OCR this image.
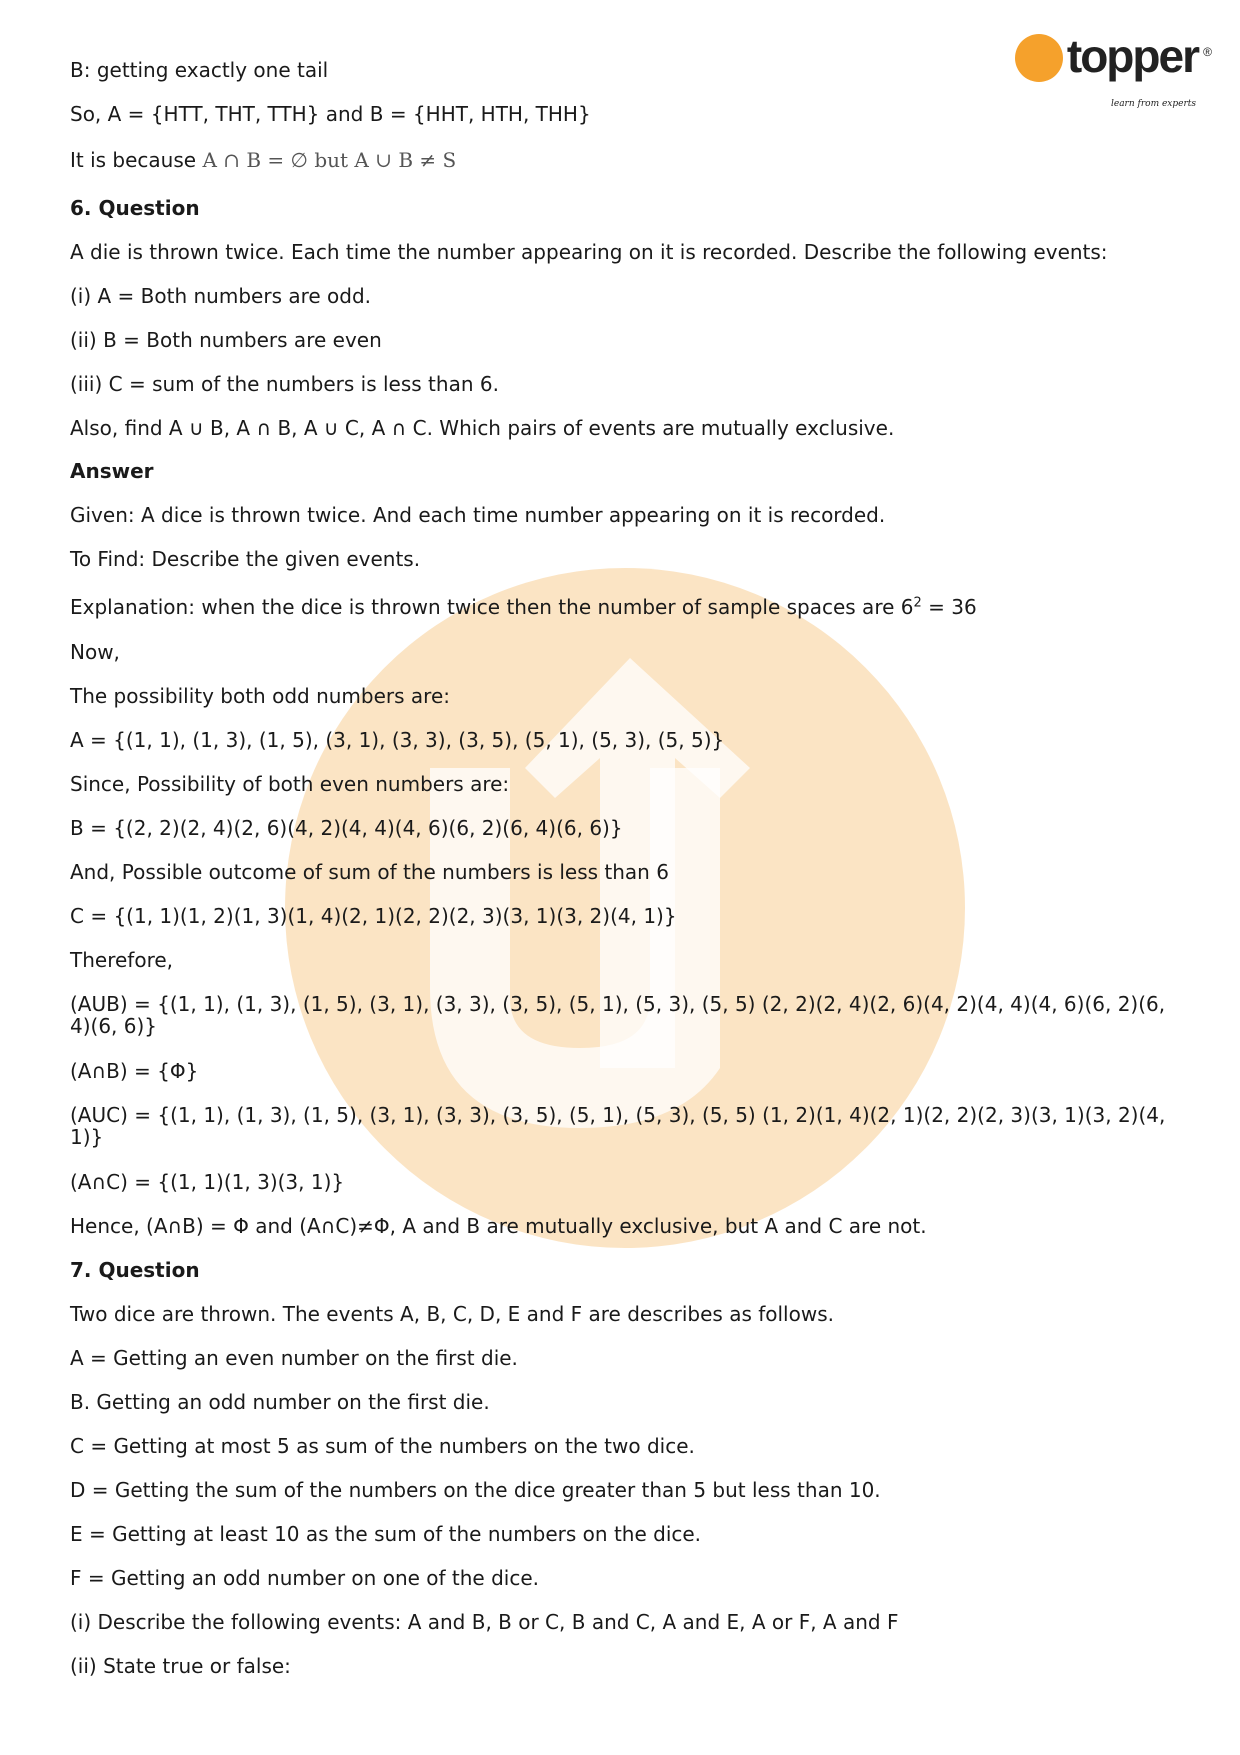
topper ®
learn from experts
B: getting exactly one tail
So, A = {HTT, THT, TTH} and B = {HHT, HTH, THH}
It is because A ∩ B = ∅ but A ∪ B ≠ S
6. Question
A die is thrown twice. Each time the number appearing on it is recorded. Describe the following events:
(i) A = Both numbers are odd.
(ii) B = Both numbers are even
(iii) C = sum of the numbers is less than 6.
Also, find A ∪ B, A ∩ B, A ∪ C, A ∩ C. Which pairs of events are mutually exclusive.
Answer
Given: A dice is thrown twice. And each time number appearing on it is recorded.
To Find: Describe the given events.
Explanation: when the dice is thrown twice then the number of sample spaces are $6^2 = 36$
Now,
The possibility both odd numbers are:
A = {(1, 1), (1, 3), (1, 5), (3, 1), (3, 3), (3, 5), (5, 1), (5, 3), (5, 5)}
Since, Possibility of both even numbers are:
B = {(2, 2)(2, 4)(2, 6)(4, 2)(4, 4)(4, 6)(6, 2)(6, 4)(6, 6)}
And, Possible outcome of sum of the numbers is less than 6
C = {(1, 1)(1, 2)(1, 3)(1, 4)(2, 1)(2, 2)(2, 3)(3, 1)(3, 2)(4, 1)}
Therefore,
(AUB) = {(1, 1), (1, 3), (1, 5), (3, 1), (3, 3), (3, 5), (5, 1), (5, 3), (5, 5) (2, 2)(2, 4)(2, 6)(4, 2)(4, 4)(4, 6)(6, 2)(6, 4)(6, 6)}
(A∩B) = {Φ}
(AUC) = {(1, 1), (1, 3), (1, 5), (3, 1), (3, 3), (3, 5), (5, 1), (5, 3), (5, 5) (1, 2)(1, 4)(2, 1)(2, 2)(2, 3)(3, 1)(3, 2)(4, 1)}
(A∩C) = {(1, 1)(1, 3)(3, 1)}
Hence, (A∩B) = Φ and (A∩C)≠Φ, A and B are mutually exclusive, but A and C are not.
7. Question
Two dice are thrown. The events A, B, C, D, E and F are describes as follows.
A = Getting an even number on the first die.
B. Getting an odd number on the first die.
C = Getting at most 5 as sum of the numbers on the two dice.
D = Getting the sum of the numbers on the dice greater than 5 but less than 10.
E = Getting at least 10 as the sum of the numbers on the dice.
F = Getting an odd number on one of the dice.
(i) Describe the following events: A and B, B or C, B and C, A and E, A or F, A and F
(ii) State true or false:
